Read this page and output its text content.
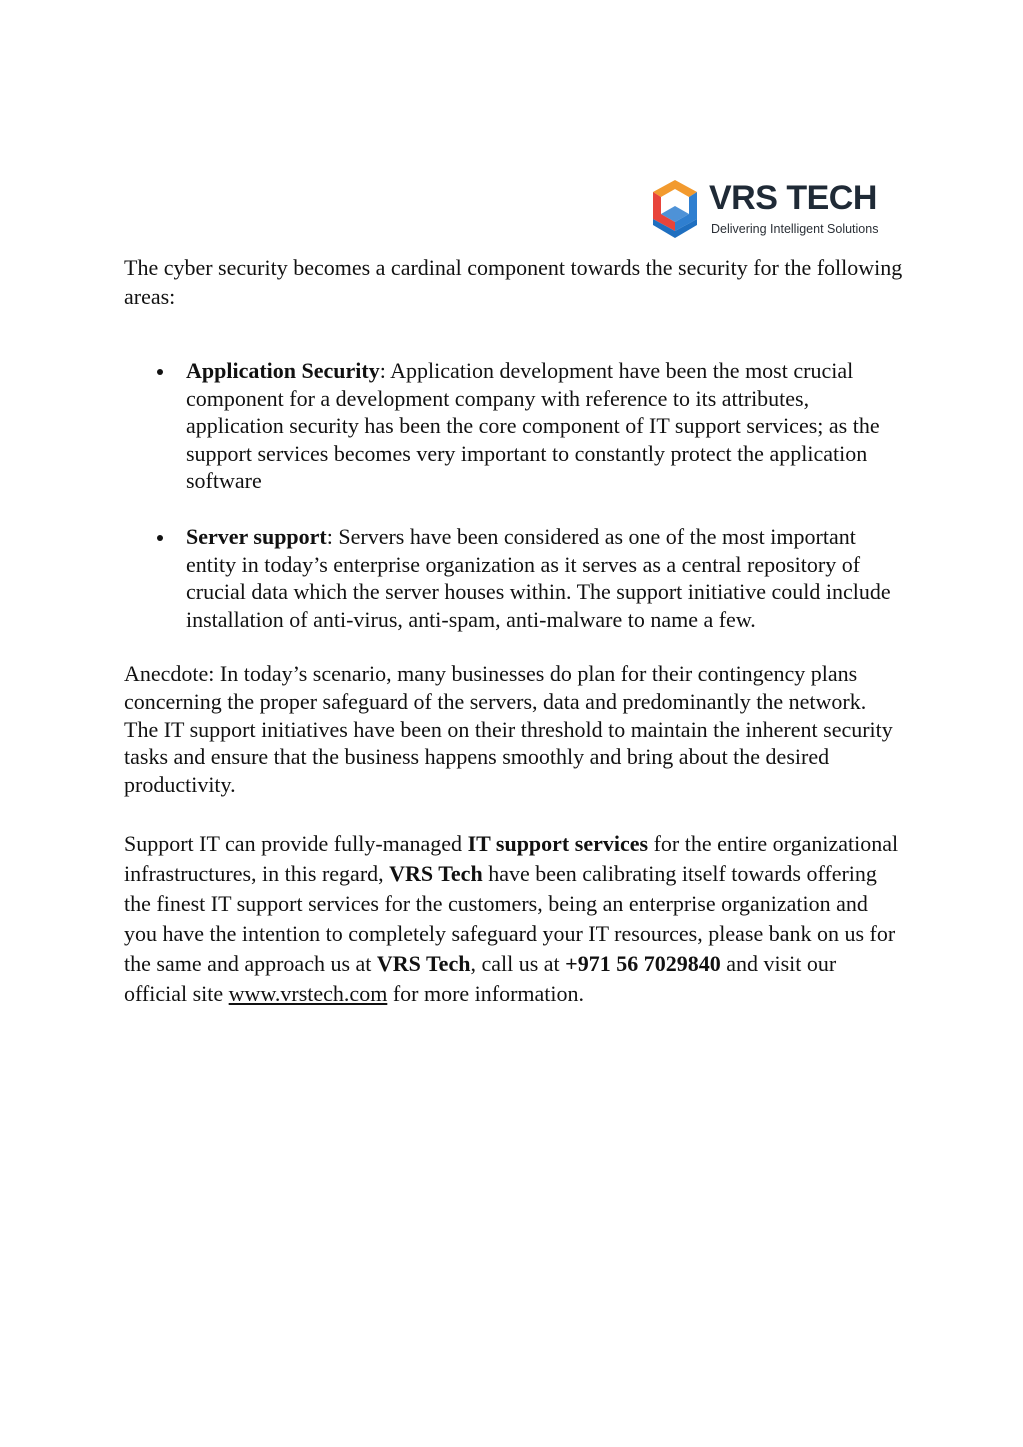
VRS TECH
Delivering Intelligent Solutions

The cyber security becomes a cardinal component towards the security for the following areas:

Application Security: Application development have been the most crucial component for a development company with reference to its attributes, application security has been the core component of IT support services; as the support services becomes very important to constantly protect the application software
Server support: Servers have been considered as one of the most important entity in today’s enterprise organization as it serves as a central repository of crucial data which the server houses within. The support initiative could include installation of anti-virus, anti-spam, anti-malware to name a few.

Anecdote: In today’s scenario, many businesses do plan for their contingency plans concerning the proper safeguard of the servers, data and predominantly the network. The IT support initiatives have been on their threshold to maintain the inherent security tasks and ensure that the business happens smoothly and bring about the desired productivity.

Support IT can provide fully-managed IT support services for the entire organizational infrastructures, in this regard, VRS Tech have been calibrating itself towards offering the finest IT support services for the customers, being an enterprise organization and you have the intention to completely safeguard your IT resources, please bank on us for the same and approach us at VRS Tech, call us at +971 56 7029840 and visit our official site www.vrstech.com for more information.
